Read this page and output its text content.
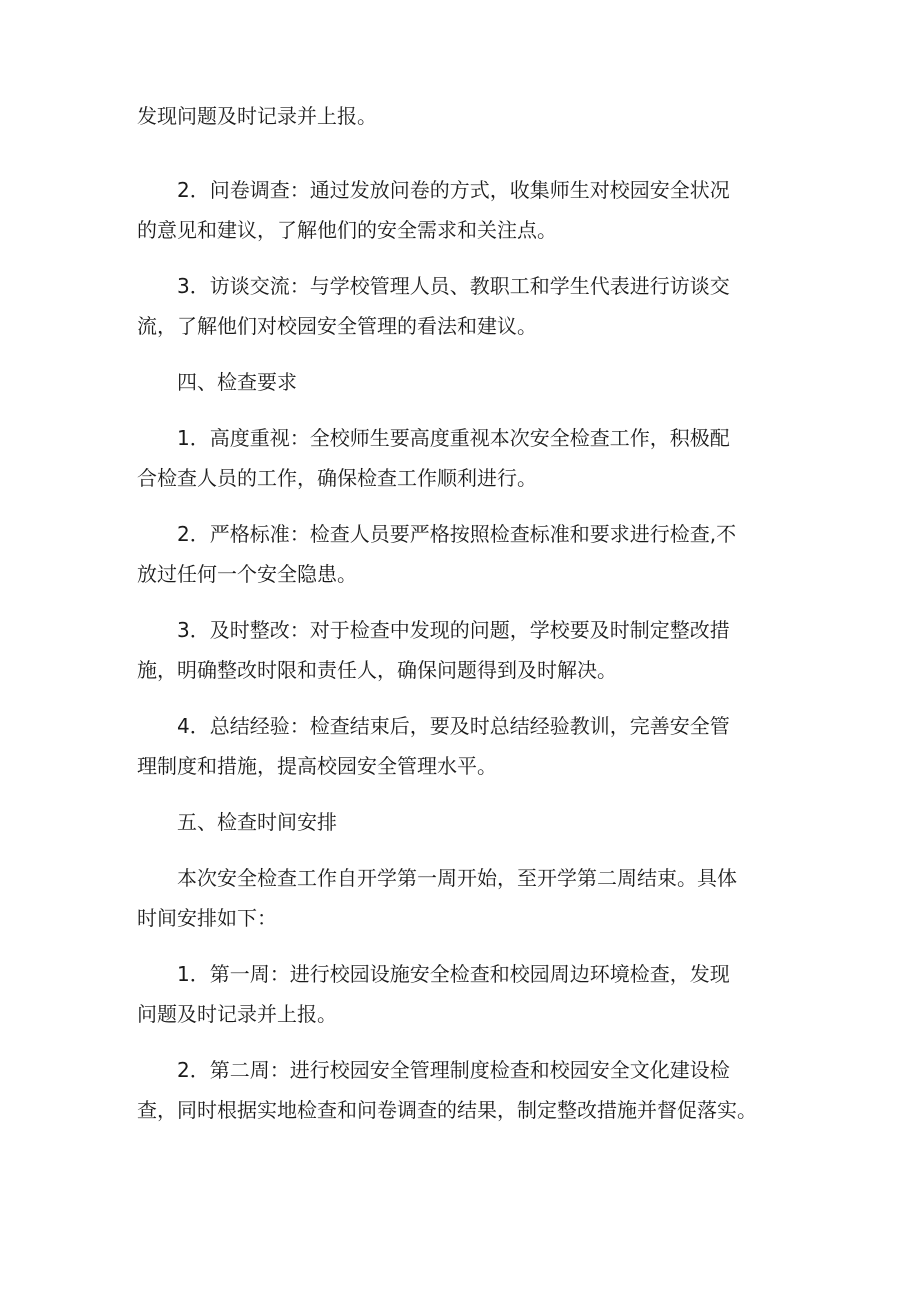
发现问题及时记录并上报。

2．问卷调查：通过发放问卷的方式，收集师生对校园安全状况
的意见和建议，了解他们的安全需求和关注点。

3．访谈交流：与学校管理人员、教职工和学生代表进行访谈交
流，了解他们对校园安全管理的看法和建议。

四、检查要求

1．高度重视：全校师生要高度重视本次安全检查工作，积极配
合检查人员的工作，确保检查工作顺利进行。

2．严格标准：检查人员要严格按照检查标准和要求进行检查,不
放过任何一个安全隐患。

3．及时整改：对于检查中发现的问题，学校要及时制定整改措
施，明确整改时限和责任人，确保问题得到及时解决。

4．总结经验：检查结束后，要及时总结经验教训，完善安全管
理制度和措施，提高校园安全管理水平。

五、检查时间安排

本次安全检查工作自开学第一周开始，至开学第二周结束。具体
时间安排如下：

1．第一周：进行校园设施安全检查和校园周边环境检查，发现
问题及时记录并上报。

2．第二周：进行校园安全管理制度检查和校园安全文化建设检
查，同时根据实地检查和问卷调查的结果，制定整改措施并督促落实。
